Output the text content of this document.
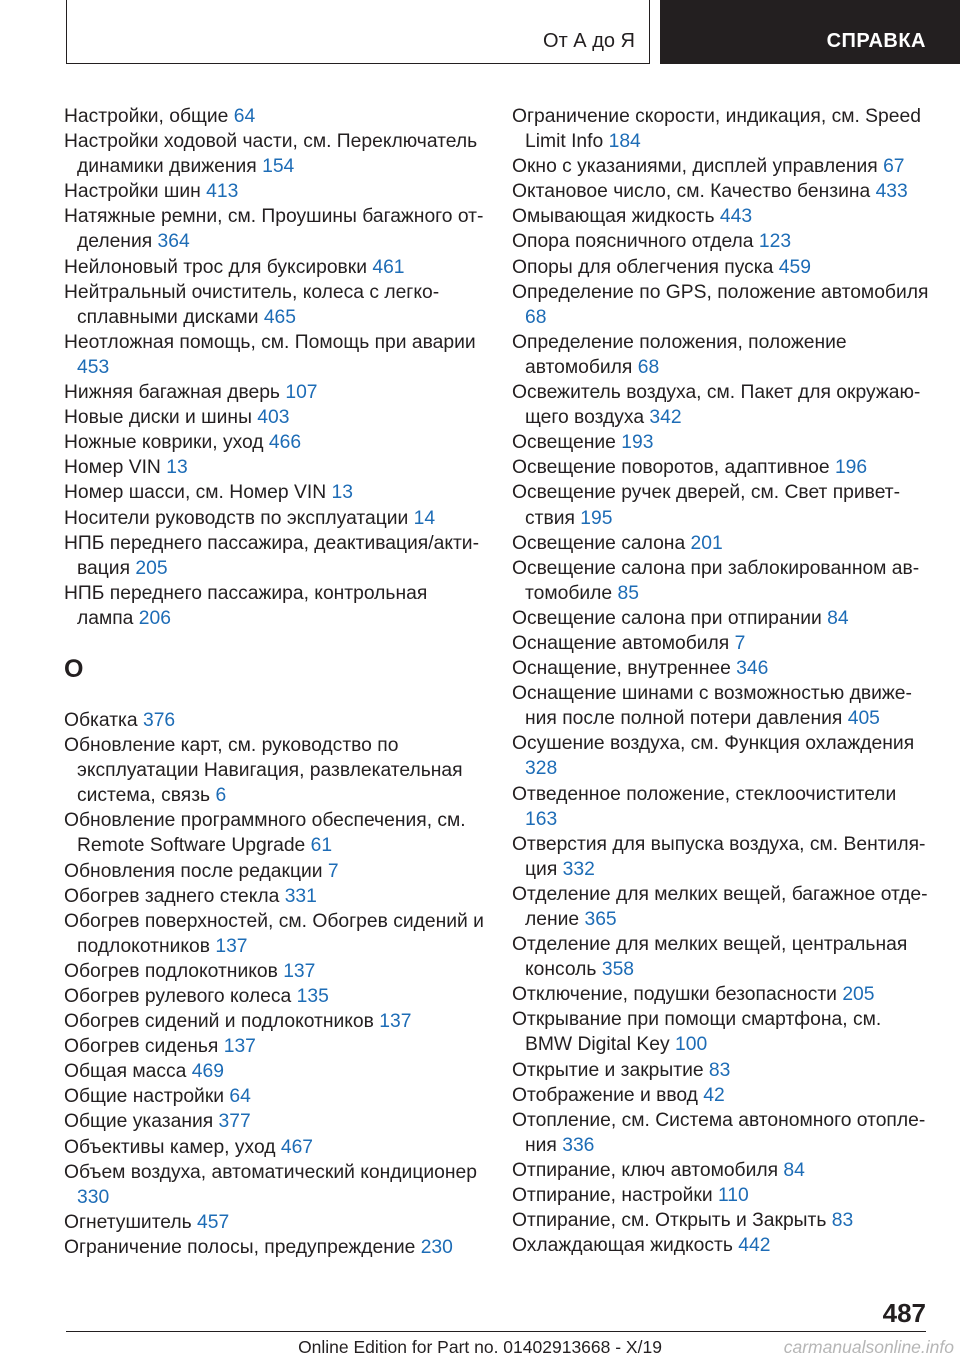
От А до Я	СПРАВКА
Настройки, общие 64
Настройки ходовой части, см. Переключатель динамики движения 154
Настройки шин 413
Натяжные ремни, см. Проушины багажного отделения 364
Нейлоновый трос для буксировки 461
Нейтральный очиститель, колеса с легкосплавными дисками 465
Неотложная помощь, см. Помощь при аварии 453
Нижняя багажная дверь 107
Новые диски и шины 403
Ножные коврики, уход 466
Номер VIN 13
Номер шасси, см. Номер VIN 13
Носители руководств по эксплуатации 14
НПБ переднего пассажира, деактивация/активация 205
НПБ переднего пассажира, контрольная лампа 206
О
Обкатка 376
Обновление карт, см. руководство по эксплуатации Навигация, развлекательная система, связь 6
Обновление программного обеспечения, см. Remote Software Upgrade 61
Обновления после редакции 7
Обогрев заднего стекла 331
Обогрев поверхностей, см. Обогрев сидений и подлокотников 137
Обогрев подлокотников 137
Обогрев рулевого колеса 135
Обогрев сидений и подлокотников 137
Обогрев сиденья 137
Общая масса 469
Общие настройки 64
Общие указания 377
Объективы камер, уход 467
Объем воздуха, автоматический кондиционер 330
Огнетушитель 457
Ограничение полосы, предупреждение 230
Ограничение скорости, индикация, см. Speed Limit Info 184
Окно с указаниями, дисплей управления 67
Октановое число, см. Качество бензина 433
Омывающая жидкость 443
Опора поясничного отдела 123
Опоры для облегчения пуска 459
Определение по GPS, положение автомобиля 68
Определение положения, положение автомобиля 68
Освежитель воздуха, см. Пакет для окружающего воздуха 342
Освещение 193
Освещение поворотов, адаптивное 196
Освещение ручек дверей, см. Свет приветствия 195
Освещение салона 201
Освещение салона при заблокированном автомобиле 85
Освещение салона при отпирании 84
Оснащение автомобиля 7
Оснащение, внутреннее 346
Оснащение шинами с возможностью движения после полной потери давления 405
Осушение воздуха, см. Функция охлаждения 328
Отведенное положение, стеклоочистители 163
Отверстия для выпуска воздуха, см. Вентиляция 332
Отделение для мелких вещей, багажное отделение 365
Отделение для мелких вещей, центральная консоль 358
Отключение, подушки безопасности 205
Открывание при помощи смартфона, см. BMW Digital Key 100
Открытие и закрытие 83
Отображение и ввод 42
Отопление, см. Система автономного отопления 336
Отпирание, ключ автомобиля 84
Отпирание, настройки 110
Отпирание, см. Открыть и Закрыть 83
Охлаждающая жидкость 442
487
Online Edition for Part no. 01402913668 - X/19	carmanualsonline.info
